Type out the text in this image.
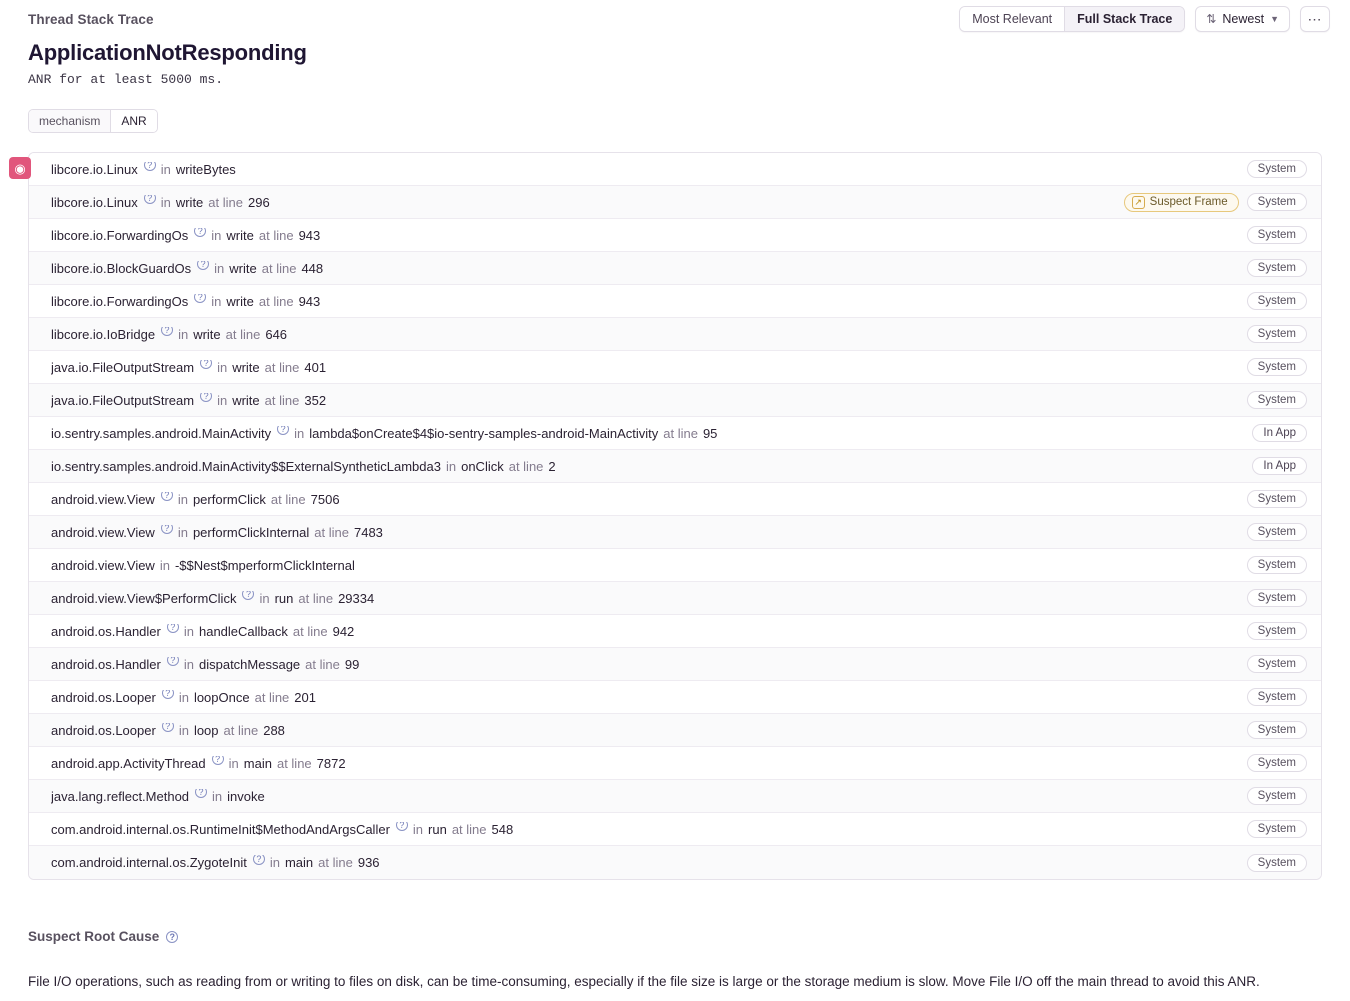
Thread Stack Trace	Most Relevant	Full Stack Trace	⇅ Newest ▼	⋯
ApplicationNotResponding

ANR for at least 5000 ms.

mechanism	ANR
◉	libcore.io.Linux	? in writeBytes	System
libcore.io.Linux	? in write at line 296	↗ Suspect Frame	System
libcore.io.ForwardingOs	? in write at line 943	System
libcore.io.BlockGuardOs	? in write at line 448	System
libcore.io.ForwardingOs	? in write at line 943	System
libcore.io.IoBridge	? in write at line 646	System
java.io.FileOutputStream	? in write at line 401	System
java.io.FileOutputStream	? in write at line 352	System
io.sentry.samples.android.MainActivity	? in lambda$onCreate$4$io-sentry-samples-android-MainActivity at line 95	In App
io.sentry.samples.android.MainActivity$$ExternalSyntheticLambda3 in onClick at line 2	In App
android.view.View	? in performClick at line 7506	System
android.view.View	? in performClickInternal at line 7483	System
android.view.View in -$$Nest$mperformClickInternal	System
android.view.View$PerformClick	? in run at line 29334	System
android.os.Handler	? in handleCallback at line 942	System
android.os.Handler	? in dispatchMessage at line 99	System
android.os.Looper	? in loopOnce at line 201	System
android.os.Looper	? in loop at line 288	System
android.app.ActivityThread	? in main at line 7872	System
java.lang.reflect.Method	? in invoke	System
com.android.internal.os.RuntimeInit$MethodAndArgsCaller	? in run at line 548	System
com.android.internal.os.ZygoteInit	? in main at line 936	System
Suspect Root Cause	?
File I/O operations, such as reading from or writing to files on disk, can be time-consuming, especially if the file size is large or the storage medium is slow. Move File I/O off the main thread to avoid this ANR.
